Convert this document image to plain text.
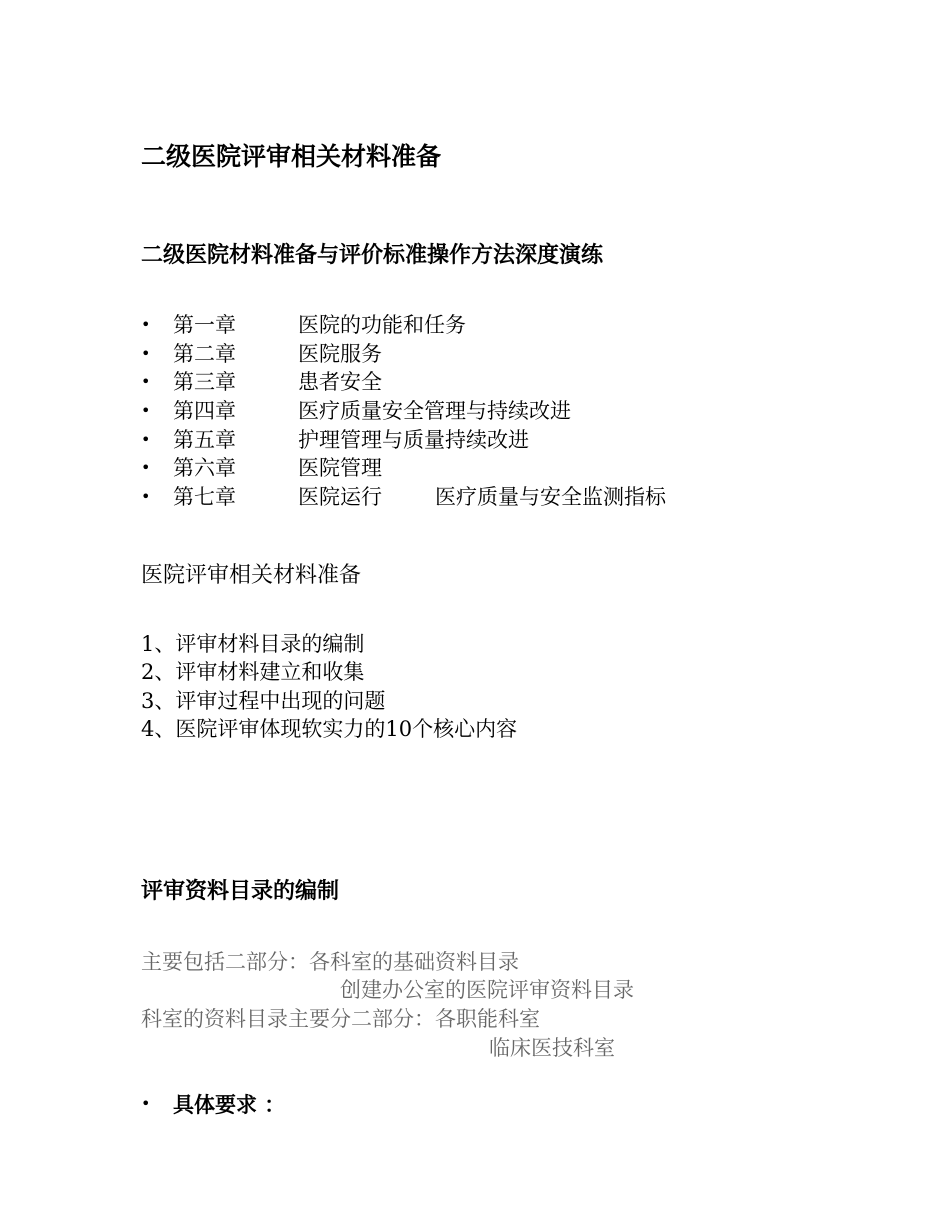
二级医院评审相关材料准备
二级医院材料准备与评价标准操作方法深度演练
• 第一章	医院的功能和任务
• 第二章	医院服务
• 第三章	患者安全
• 第四章	医疗质量安全管理与持续改进
• 第五章	护理管理与质量持续改进
• 第六章	医院管理
• 第七章	医院运行	医疗质量与安全监测指标
医院评审相关材料准备
1、评审材料目录的编制
2、评审材料建立和收集
3、评审过程中出现的问题
4、医院评审体现软实力的10个核心内容
评审资料目录的编制
主要包括二部分：各科室的基础资料目录
创建办公室的医院评审资料目录
科室的资料目录主要分二部分：各职能科室
临床医技科室
• 具体要求 ：
